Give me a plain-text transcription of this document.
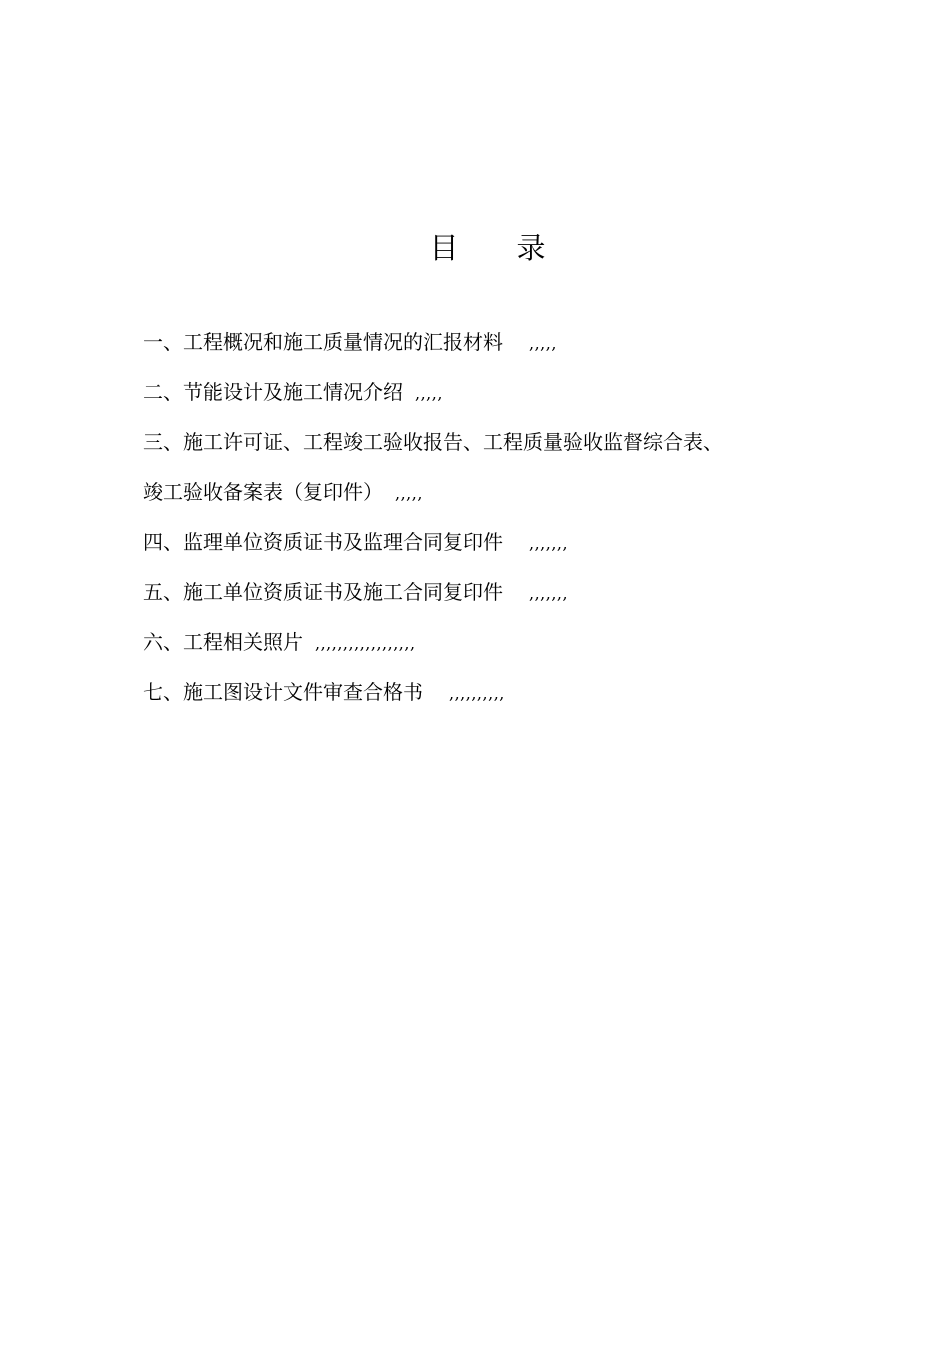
目 录
一、工程概况和施工质量情况的汇报材料 ,,,,,
二、节能设计及施工情况介绍 ,,,,,
三、施工许可证、工程竣工验收报告、工程质量验收监督综合表、
竣工验收备案表（复印件） ,,,,,
四、监理单位资质证书及监理合同复印件 ,,,,,,,
五、施工单位资质证书及施工合同复印件 ,,,,,,,
六、工程相关照片 ,,,,,,,,,,,,,,,,,,
七、施工图设计文件审查合格书 ,,,,,,,,,,
